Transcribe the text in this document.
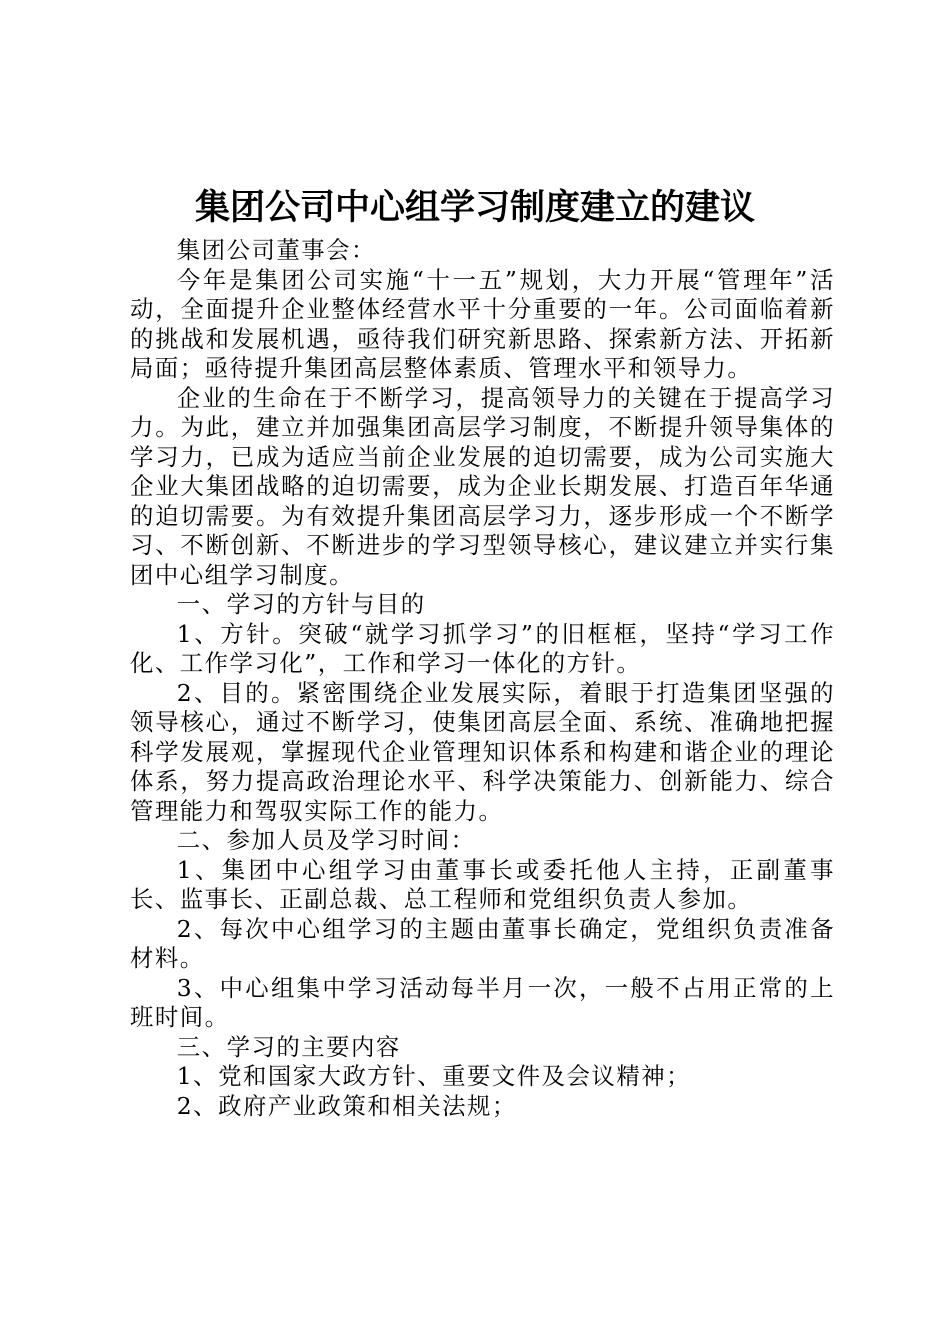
集团公司中心组学习制度建立的建议

集团公司董事会：

今年是集团公司实施“十一五”规划，大力开展“管理年”活动，全面提升企业整体经营水平十分重要的一年。公司面临着新的挑战和发展机遇，亟待我们研究新思路、探索新方法、开拓新局面；亟待提升集团高层整体素质、管理水平和领导力。

企业的生命在于不断学习，提高领导力的关键在于提高学习力。为此，建立并加强集团高层学习制度，不断提升领导集体的学习力，已成为适应当前企业发展的迫切需要，成为公司实施大企业大集团战略的迫切需要，成为企业长期发展、打造百年华通的迫切需要。为有效提升集团高层学习力，逐步形成一个不断学习、不断创新、不断进步的学习型领导核心，建议建立并实行集团中心组学习制度。

一、学习的方针与目的

1、方针。突破“就学习抓学习”的旧框框，坚持“学习工作化、工作学习化”，工作和学习一体化的方针。

2、目的。紧密围绕企业发展实际，着眼于打造集团坚强的领导核心，通过不断学习，使集团高层全面、系统、准确地把握科学发展观，掌握现代企业管理知识体系和构建和谐企业的理论体系，努力提高政治理论水平、科学决策能力、创新能力、综合管理能力和驾驭实际工作的能力。

二、参加人员及学习时间：

1、集团中心组学习由董事长或委托他人主持，正副董事长、监事长、正副总裁、总工程师和党组织负责人参加。

2、每次中心组学习的主题由董事长确定，党组织负责准备材料。

3、中心组集中学习活动每半月一次，一般不占用正常的上班时间。

三、学习的主要内容

1、党和国家大政方针、重要文件及会议精神；

2、政府产业政策和相关法规；
